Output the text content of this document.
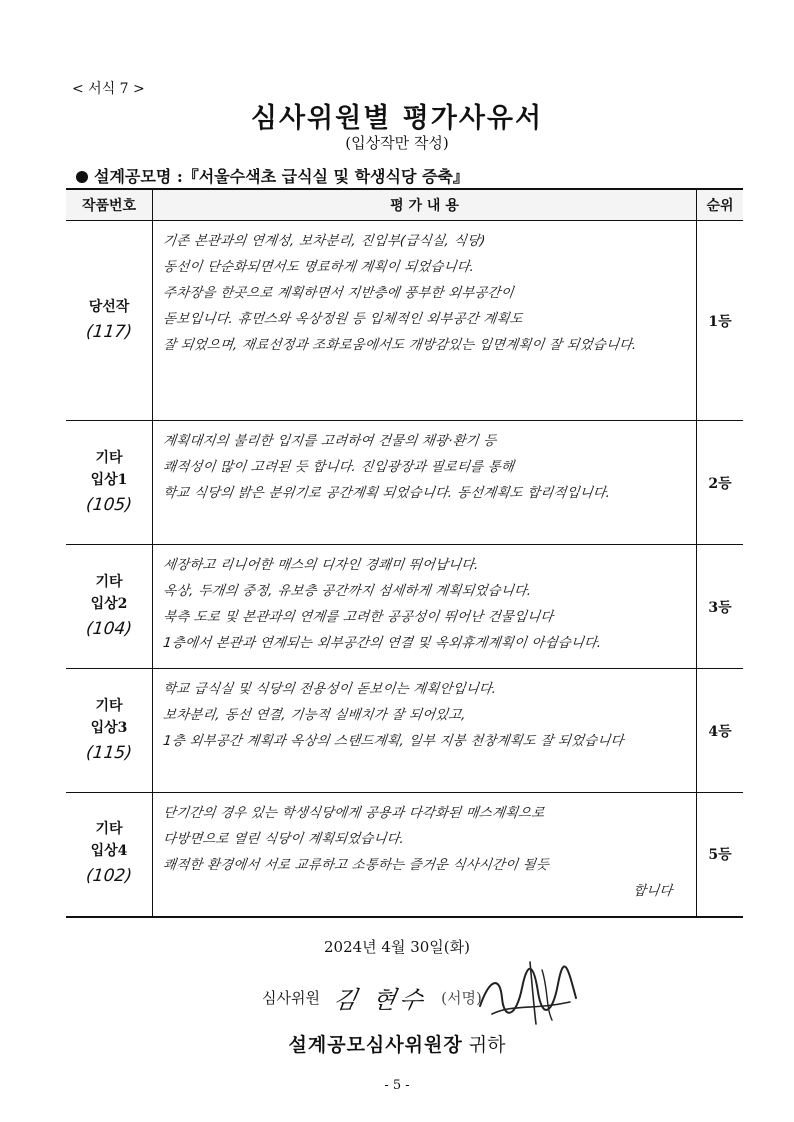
< 서식 7 >
심사위원별 평가사유서
(입상작만 작성)
설계공모명 :『서울수색초 급식실 및 학생식당 증축』
작품번호	평 가 내 용	순위

당선작
(117)	기존 본관과의 연계성, 보차분리, 진입부(급식실, 식당)
동선이 단순화되면서도 명료하게 계획이 되었습니다.
주차장을 한곳으로 계획하면서 지반층에 풍부한 외부공간이
돋보입니다. 휴먼스와 옥상정원 등 입체적인 외부공간 계획도
잘 되었으며, 재료선정과 조화로움에서도 개방감있는 입면계획이 잘 되었습니다.	1등

기타
입상1
(105)	계획대지의 불리한 입지를 고려하여 건물의 채광·환기 등
쾌적성이 많이 고려된 듯 합니다. 진입광장과 필로티를 통해
학교 식당의 밝은 분위기로 공간계획 되었습니다. 동선계획도 합리적입니다.	2등

기타
입상2
(104)	세장하고 리니어한 매스의 디자인 경쾌미 뛰어납니다.
옥상, 두개의 중정, 유보층 공간까지 섬세하게 계획되었습니다.
북측 도로 및 본관과의 연계를 고려한 공공성이 뛰어난 건물입니다
1층에서 본관과 연계되는 외부공간의 연결 및 옥외휴게계획이 아쉽습니다.	3등

기타
입상3
(115)	학교 급식실 및 식당의 전용성이 돋보이는 계획안입니다.
보차분리, 동선 연결, 기능적 실배치가 잘 되어있고,
1층 외부공간 계획과 옥상의 스탠드계획, 일부 지붕 천창계획도 잘 되었습니다	4등

기타
입상4
(102)	단기간의 경우 있는 학생식당에게 공용과 다각화된 매스계획으로
다방면으로 열린 식당이 계획되었습니다.
쾌적한 환경에서 서로 교류하고 소통하는 즐거운 식사시간이 될듯
합니다	5등
2024년 4월 30일(화)
심사위원 김 현수 (서명)
설계공모심사위원장 귀하
- 5 -
